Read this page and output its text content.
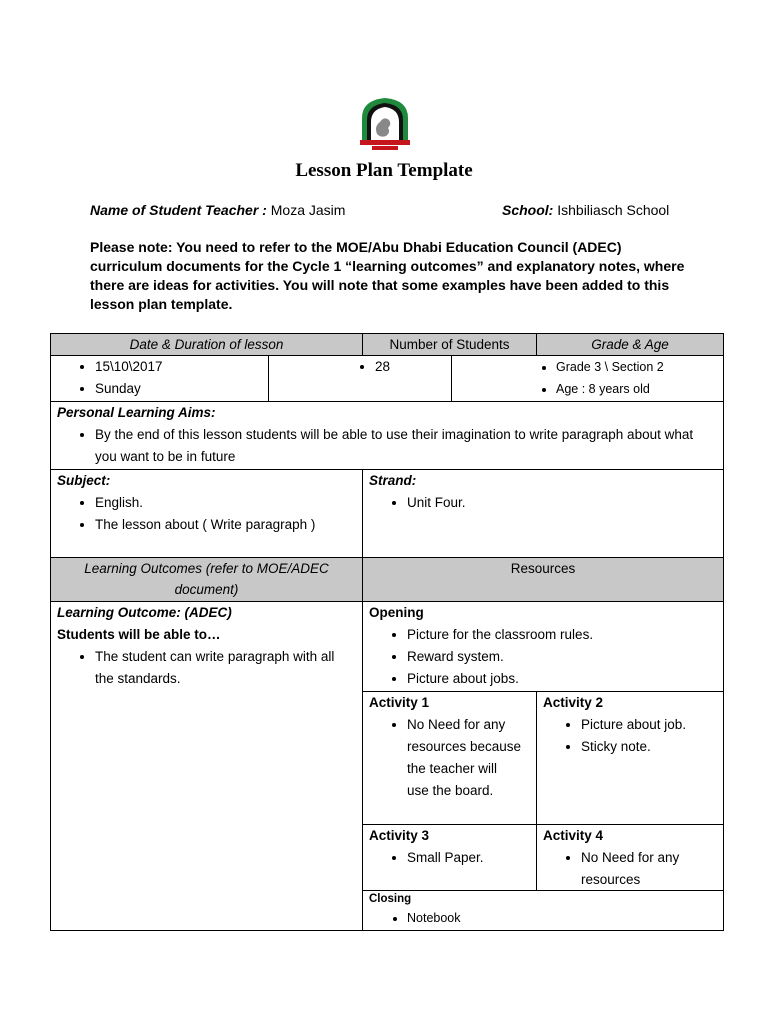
Lesson Plan Template
Name of Student Teacher : Moza Jasim	School: Ishbiliasch School
Please note: You need to refer to the MOE/Abu Dhabi Education Council (ADEC) curriculum documents for the Cycle 1 “learning outcomes” and explanatory notes, where there are ideas for activities. You will note that some examples have been added to this lesson plan template.
Date & Duration of lesson	Number of Students	Grade & Age
• 15\10\2017
• Sunday
• 28
•	Grade 3 \ Section 2
• Age : 8 years old
Personal Learning Aims:
• By the end of this lesson students will be able to use their imagination to write paragraph about what you want to be in future
Subject:
• English.
• The lesson about ( Write paragraph )
Strand:
• Unit Four.
Learning Outcomes (refer to MOE/ADEC document)
Resources
Learning Outcome: (ADEC)
Students will be able to…
• The student can write paragraph with all the standards.
Opening
• Picture for the classroom rules.
• Reward system.
• Picture about jobs.
Activity 1
• No Need for any resources because the teacher will use the board.
Activity 2
• Picture about job.
• Sticky note.
Activity 3
• Small Paper.
Activity 4
• No Need for any resources
Closing
• Notebook
